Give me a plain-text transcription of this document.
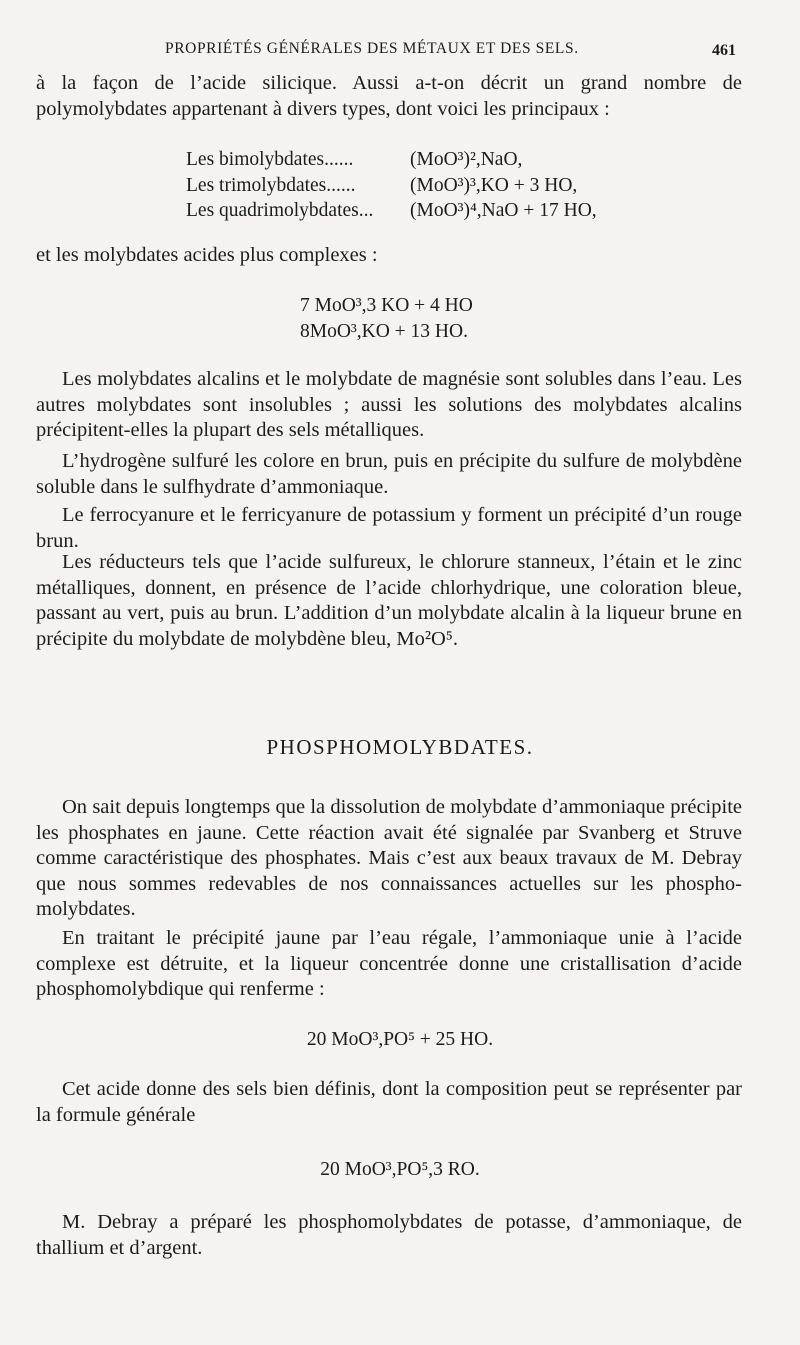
PROPRIÉTÉS GÉNÉRALES DES MÉTAUX ET DES SELS.	461

à la façon de l’acide silicique. Aussi a-t-on décrit un grand nombre de polymolybdates appartenant à divers types, dont voici les principaux :

Les bimolybdates......	(MoO³)²,NaO,
Les trimolybdates......	(MoO³)³,KO + 3 HO,
Les quadrimolybdates... (MoO³)⁴,NaO + 17 HO,

et les molybdates acides plus complexes :

7 MoO³,3 KO + 4 HO
8MoO³,KO + 13 HO.

Les molybdates alcalins et le molybdate de magnésie sont solubles dans l’eau. Les autres molybdates sont insolubles ; aussi les solutions des molybdates alcalins précipitent-elles la plupart des sels métalliques.

L’hydrogène sulfuré les colore en brun, puis en précipite du sulfure de molybdène soluble dans le sulfhydrate d’ammoniaque.

Le ferrocyanure et le ferricyanure de potassium y forment un précipité d’un rouge brun.

Les réducteurs tels que l’acide sulfureux, le chlorure stanneux, l’étain et le zinc métalliques, donnent, en présence de l’acide chlorhydrique, une coloration bleue, passant au vert, puis au brun. L’addition d’un molybdate alcalin à la liqueur brune en précipite du molybdate de molybdène bleu, Mo²O⁵.

PHOSPHOMOLYBDATES.

On sait depuis longtemps que la dissolution de molybdate d’ammoniaque précipite les phosphates en jaune. Cette réaction avait été signalée par Svanberg et Struve comme caractéristique des phosphates. Mais c’est aux beaux travaux de M. Debray que nous sommes redevables de nos connaissances actuelles sur les phospho-molybdates.

En traitant le précipité jaune par l’eau régale, l’ammoniaque unie à l’acide complexe est détruite, et la liqueur concentrée donne une cristallisation d’acide phosphomolybdique qui renferme :

20 MoO³,PO⁵ + 25 HO.

Cet acide donne des sels bien définis, dont la composition peut se représenter par la formule générale

20 MoO³,PO⁵,3 RO.

M. Debray a préparé les phosphomolybdates de potasse, d’ammoniaque, de thallium et d’argent.
